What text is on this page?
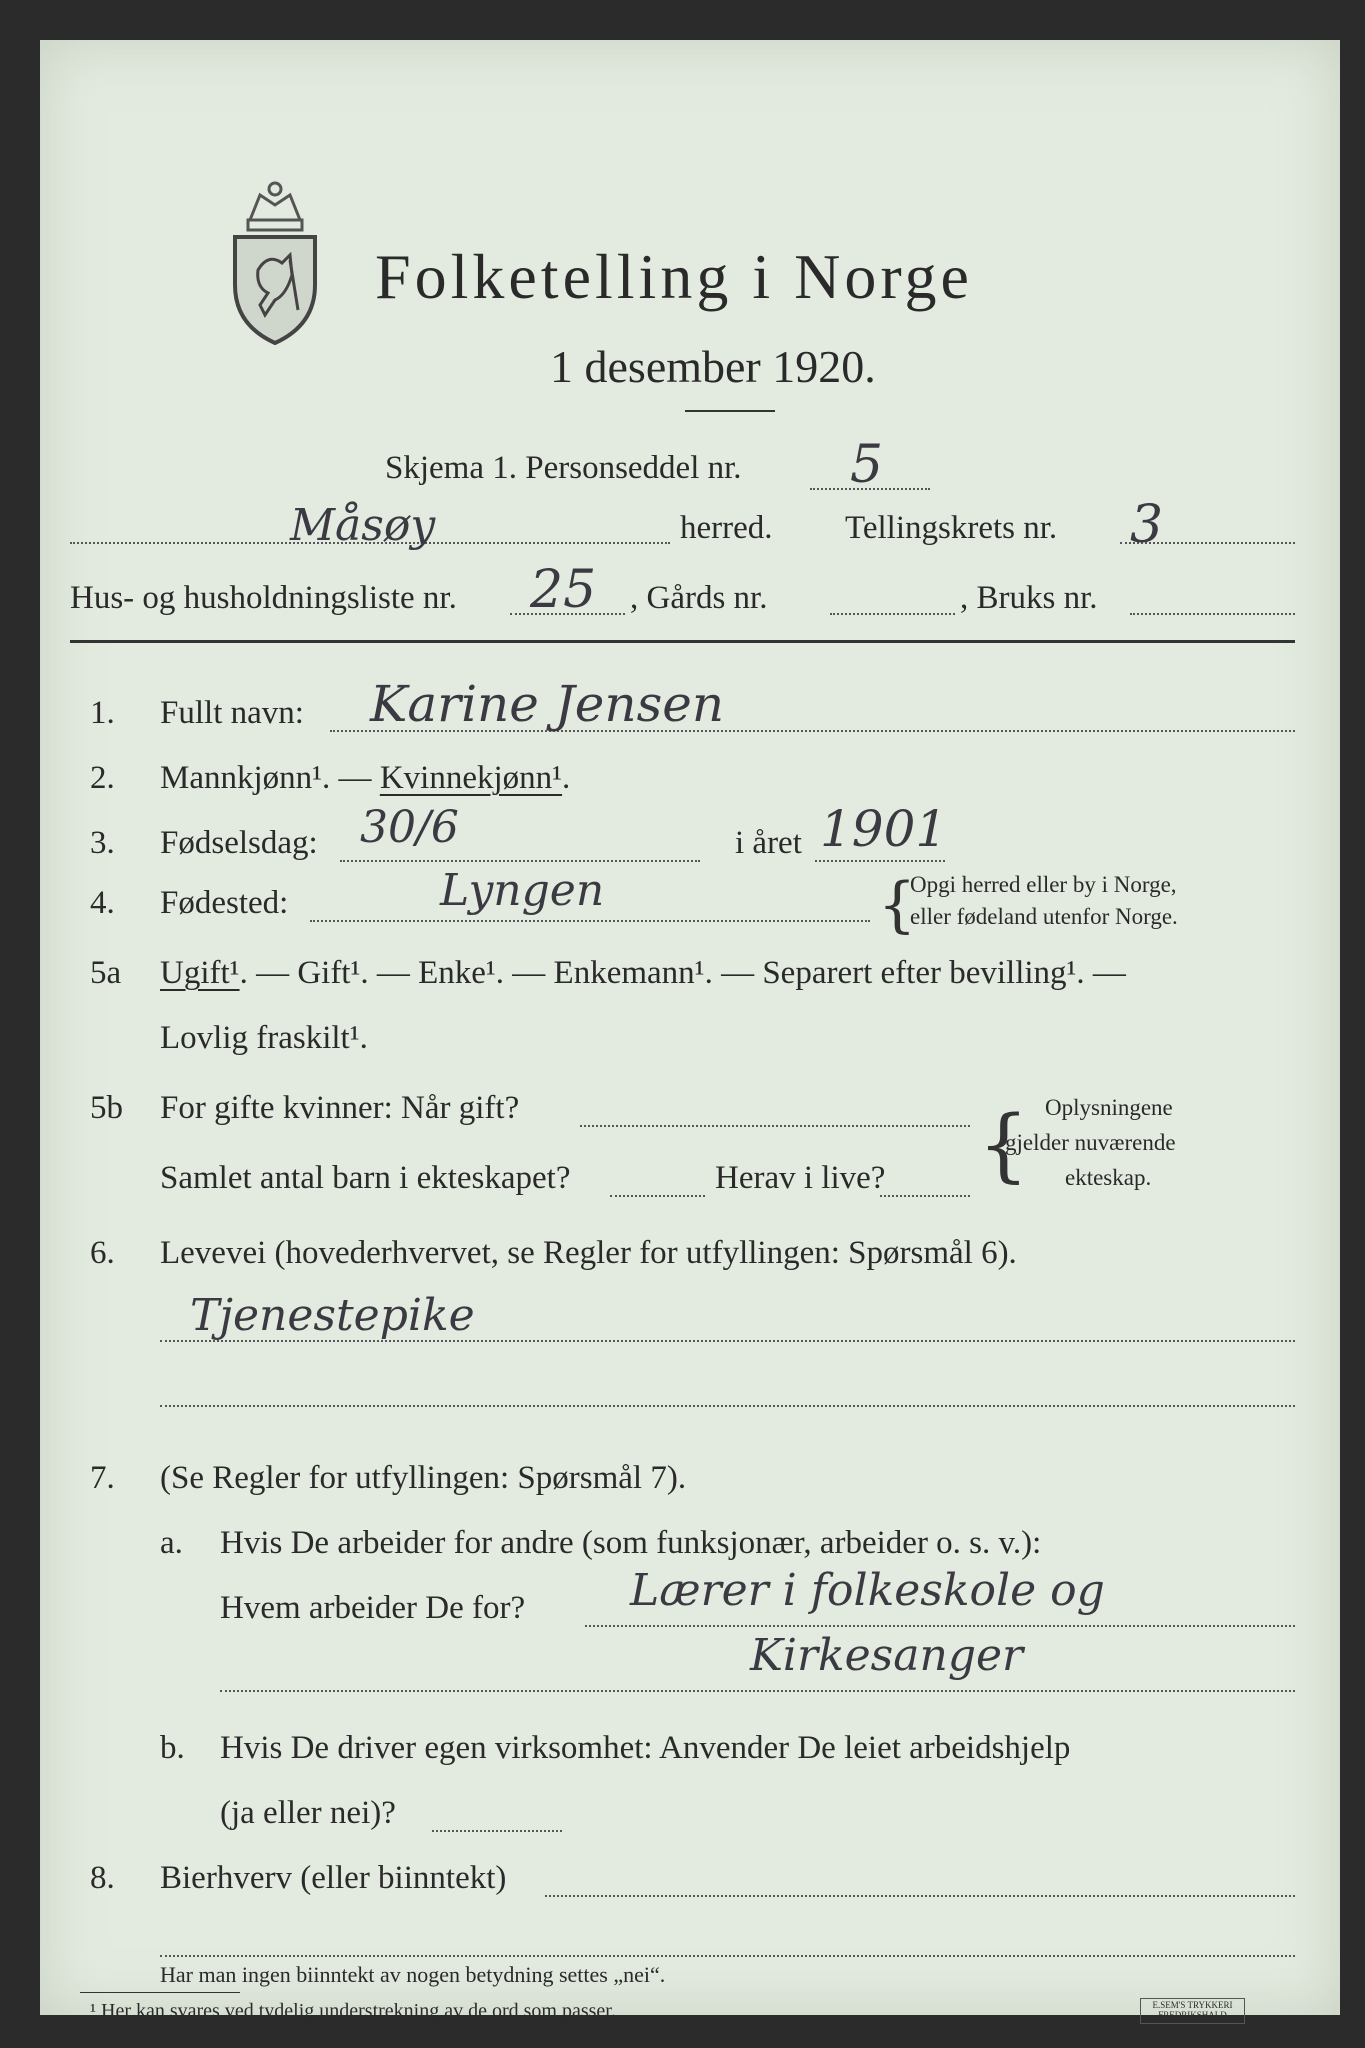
Folketelling i Norge
1 desember 1920.
Skjema 1. Personseddel nr. 5
Måsøy	herred. Tellingskrets nr. 3
Hus- og husholdningsliste nr. 25 , Gårds nr.	, Bruks nr.
1. Fullt navn: Karine Jensen
2. Mannkjønn¹. — Kvinnekjønn¹.
3. Fødselsdag: 30/6	i året 1901
4. Fødested:	Lyngen	{
Opgi herred eller by i Norge,
eller fødeland utenfor Norge.
5a Ugift¹. — Gift¹. — Enke¹. — Enkemann¹. — Separert efter bevilling¹. —
Lovlig fraskilt¹.
5b For gifte kvinner: Når gift?
Samlet antal barn i ekteskapet?	Herav i live? { Oplysningene
gjelder nuværende
ekteskap.
6. Levevei (hovederhvervet, se Regler for utfyllingen: Spørsmål 6).
Tjenestepike
7. (Se Regler for utfyllingen: Spørsmål 7).
a. Hvis De arbeider for andre (som funksjonær, arbeider o. s. v.):
Hvem arbeider De for? Lærer i folkeskole og
Kirkesanger
b. Hvis De driver egen virksomhet: Anvender De leiet arbeidshjelp
(ja eller nei)?
8. Bierhverv (eller biinntekt)
Har man ingen biinntekt av nogen betydning settes „nei“.
¹ Her kan svares ved tydelig understrekning av de ord som passer.	E.SEM'S TRYKKERI FREDRIKSHALD
